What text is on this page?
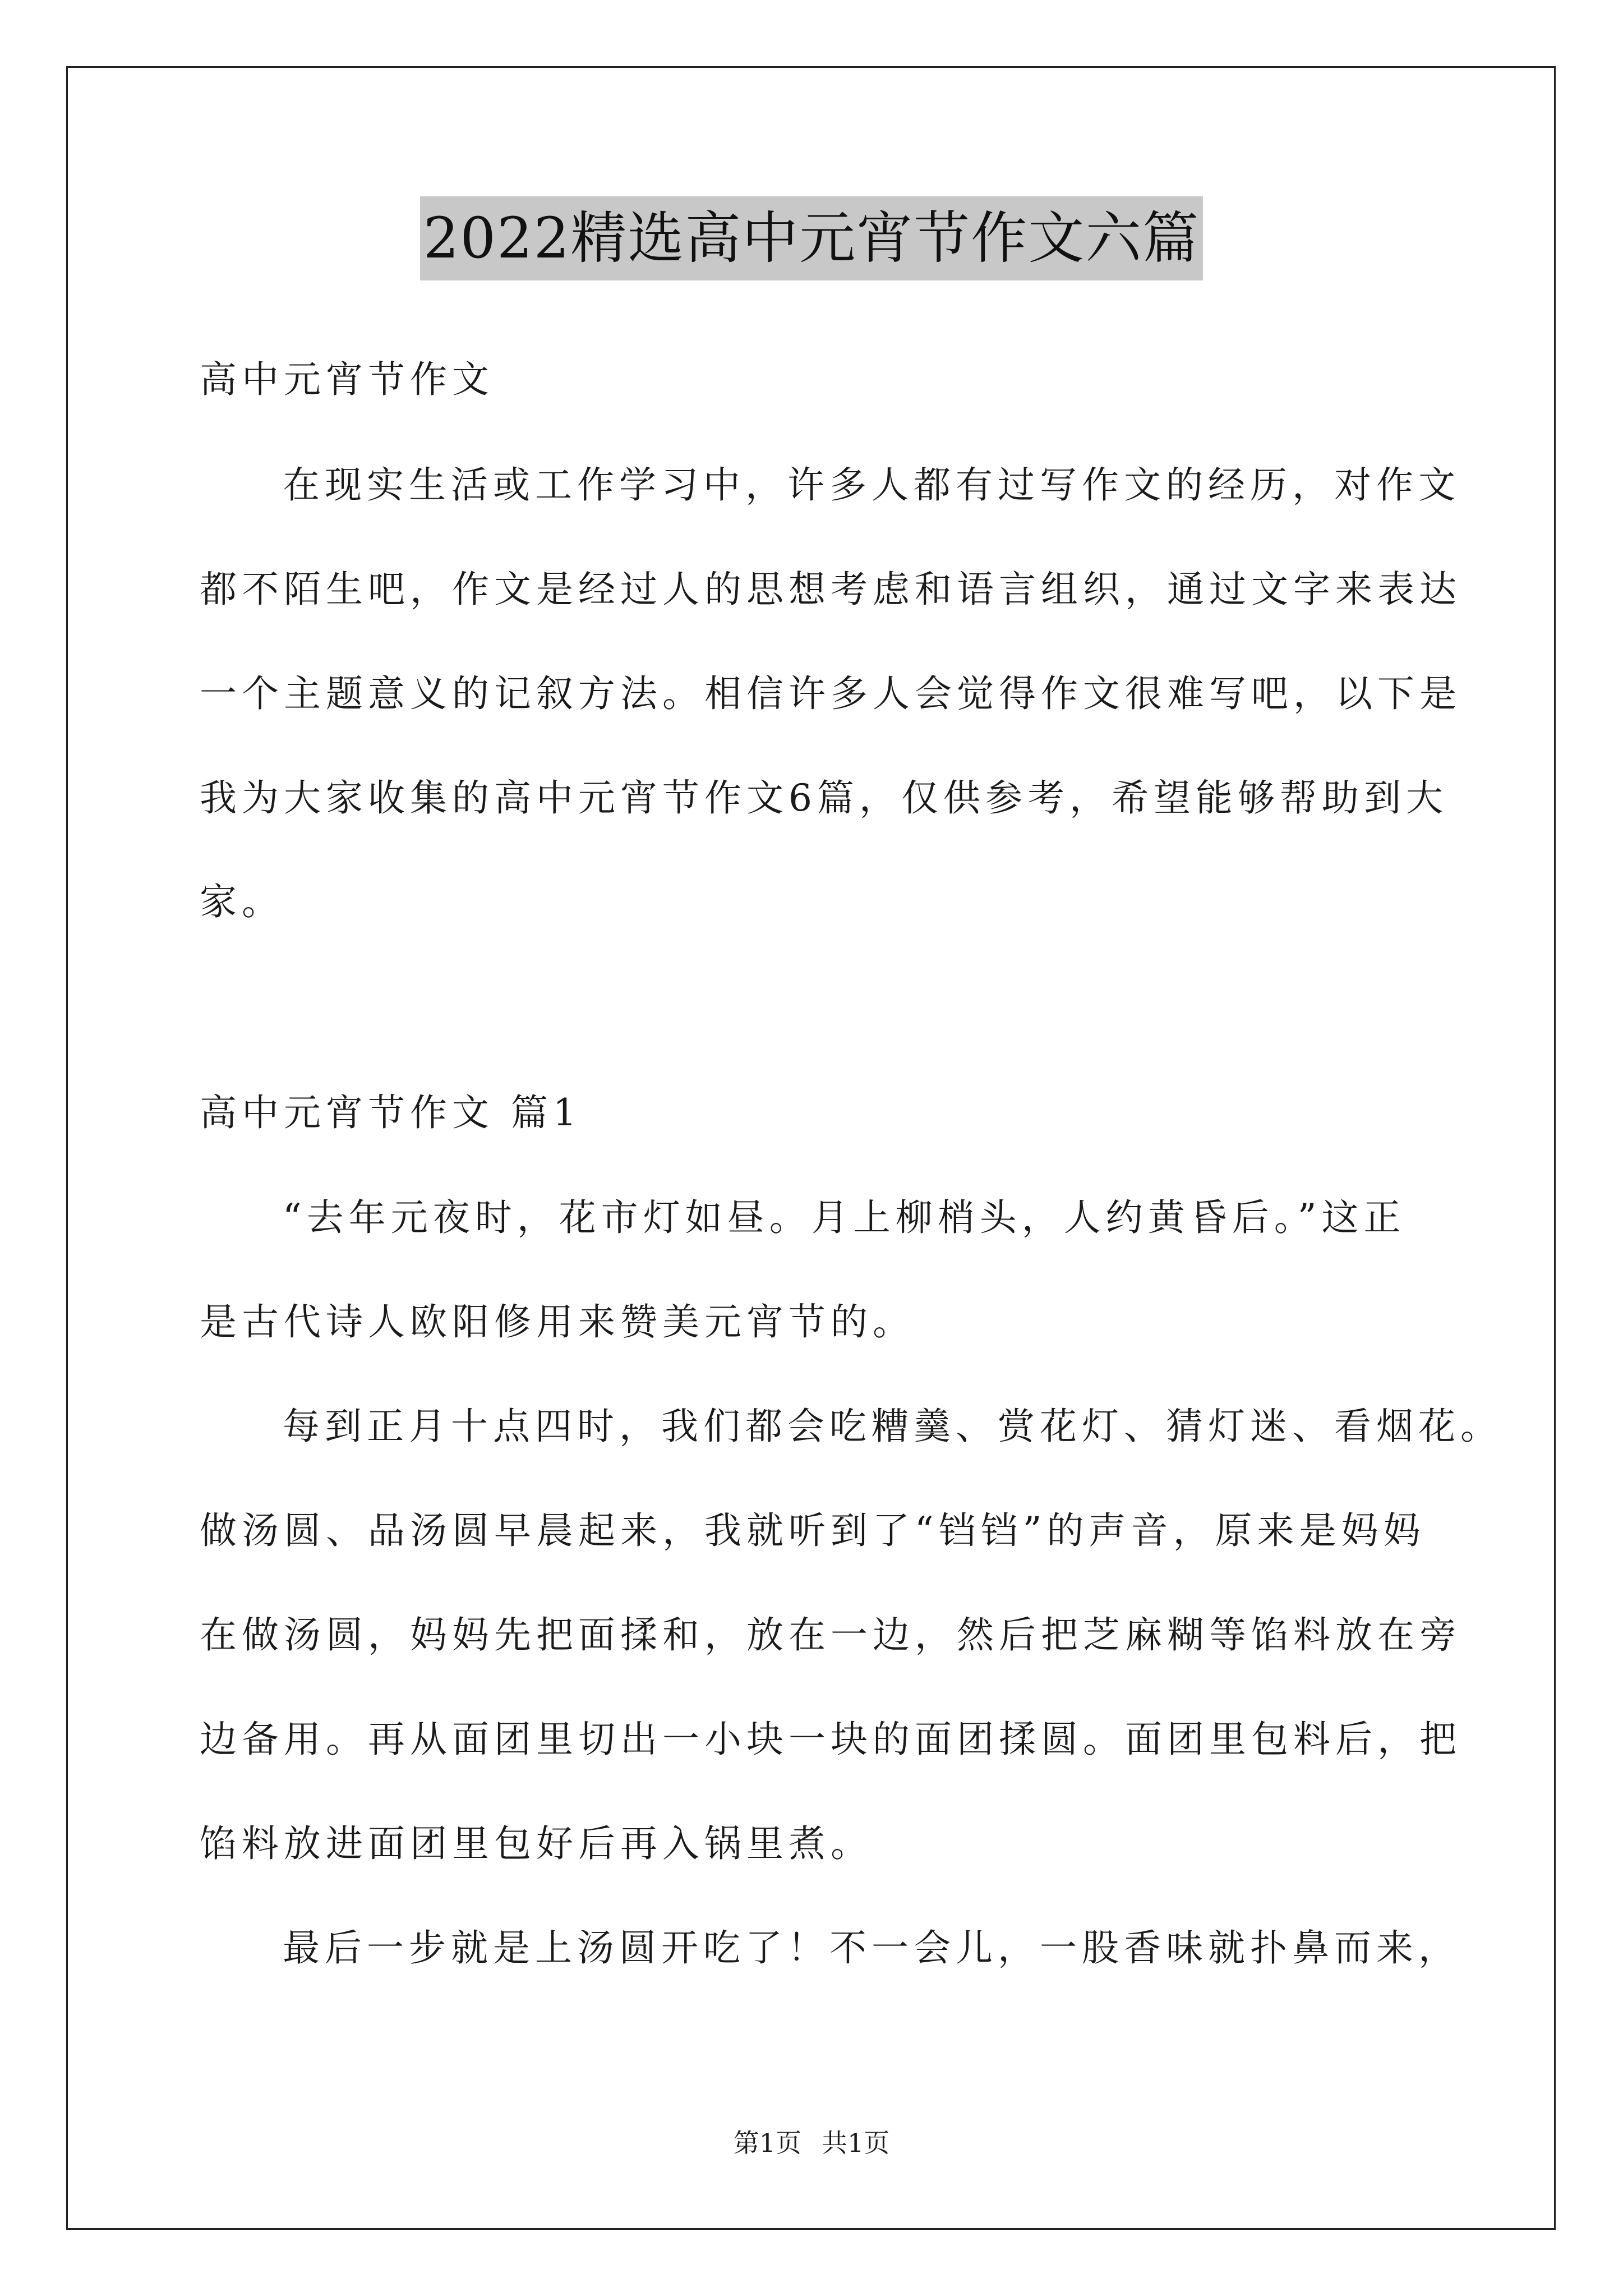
2022精选高中元宵节作文六篇
高中元宵节作文
在现实生活或工作学习中，许多人都有过写作文的经历，对作文
都不陌生吧，作文是经过人的思想考虑和语言组织，通过文字来表达
一个主题意义的记叙方法。相信许多人会觉得作文很难写吧，以下是
我为大家收集的高中元宵节作文6篇，仅供参考，希望能够帮助到大
家。
高中元宵节作文 篇1
“去年元夜时，花市灯如昼。月上柳梢头，人约黄昏后。”这正
是古代诗人欧阳修用来赞美元宵节的。
每到正月十点四时，我们都会吃糟羹、赏花灯、猜灯迷、看烟花。
做汤圆、品汤圆早晨起来，我就听到了“铛铛”的声音，原来是妈妈
在做汤圆，妈妈先把面揉和，放在一边，然后把芝麻糊等馅料放在旁
边备用。再从面团里切出一小块一块的面团揉圆。面团里包料后，把
馅料放进面团里包好后再入锅里煮。
最后一步就是上汤圆开吃了！不一会儿，一股香味就扑鼻而来，
第1页 共1页
